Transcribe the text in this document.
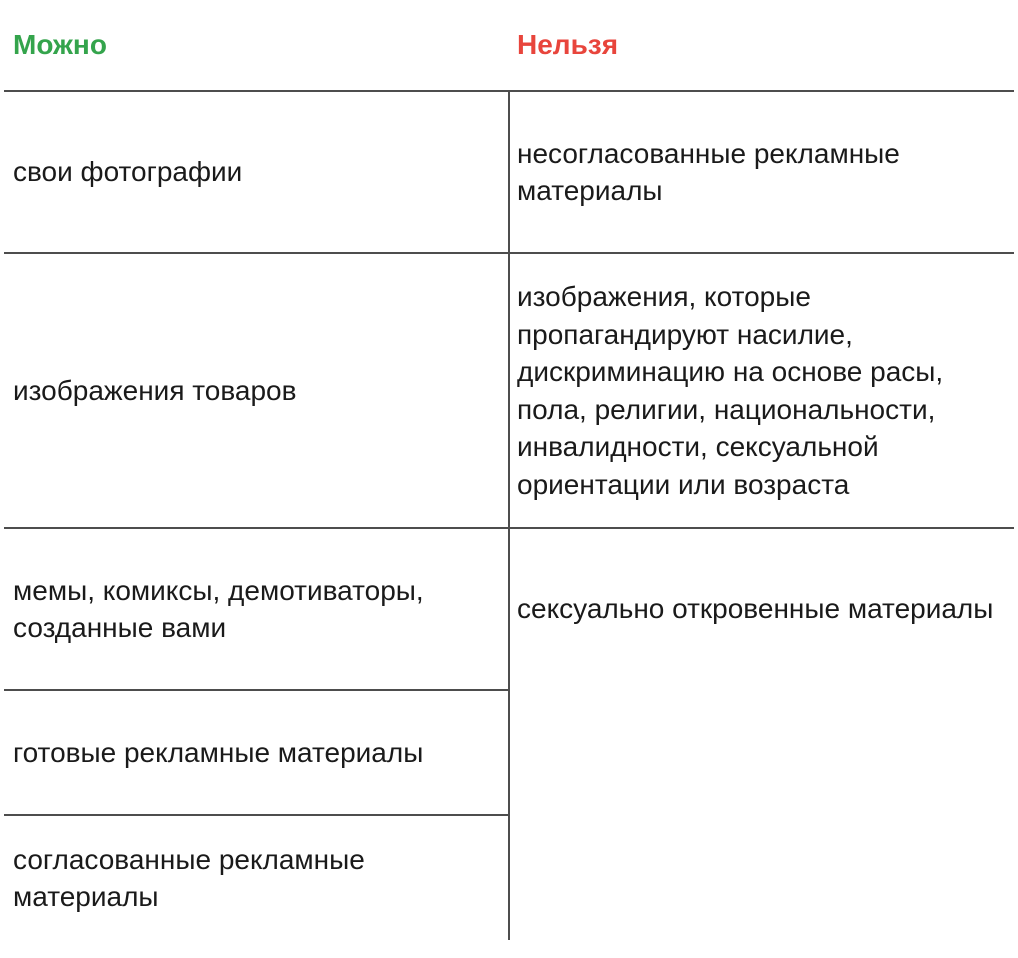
Можно	Нельзя
свои фотографии
изображения товаров
мемы, комиксы, демотиваторы, созданные вами
готовые рекламные материалы
согласованные рекламные материалы
несогласованные рекламные материалы
изображения, которые пропагандируют насилие, дискриминацию на основе расы, пола, религии, национальности, инвалидности, сексуальной ориентации или возраста
сексуально откровенные материалы
